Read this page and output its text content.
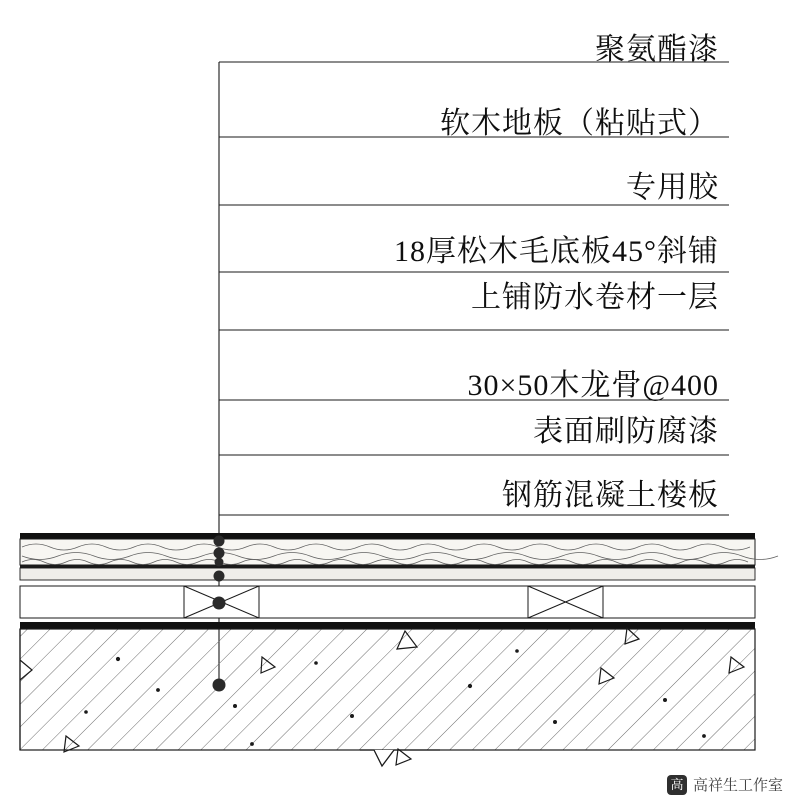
聚氨酯漆
软木地板（粘贴式）
专用胶
18厚松木毛底板45°斜铺
上铺防水卷材一层
30×50木龙骨@400
表面刷防腐漆
钢筋混凝土楼板
高 高祥生工作室
